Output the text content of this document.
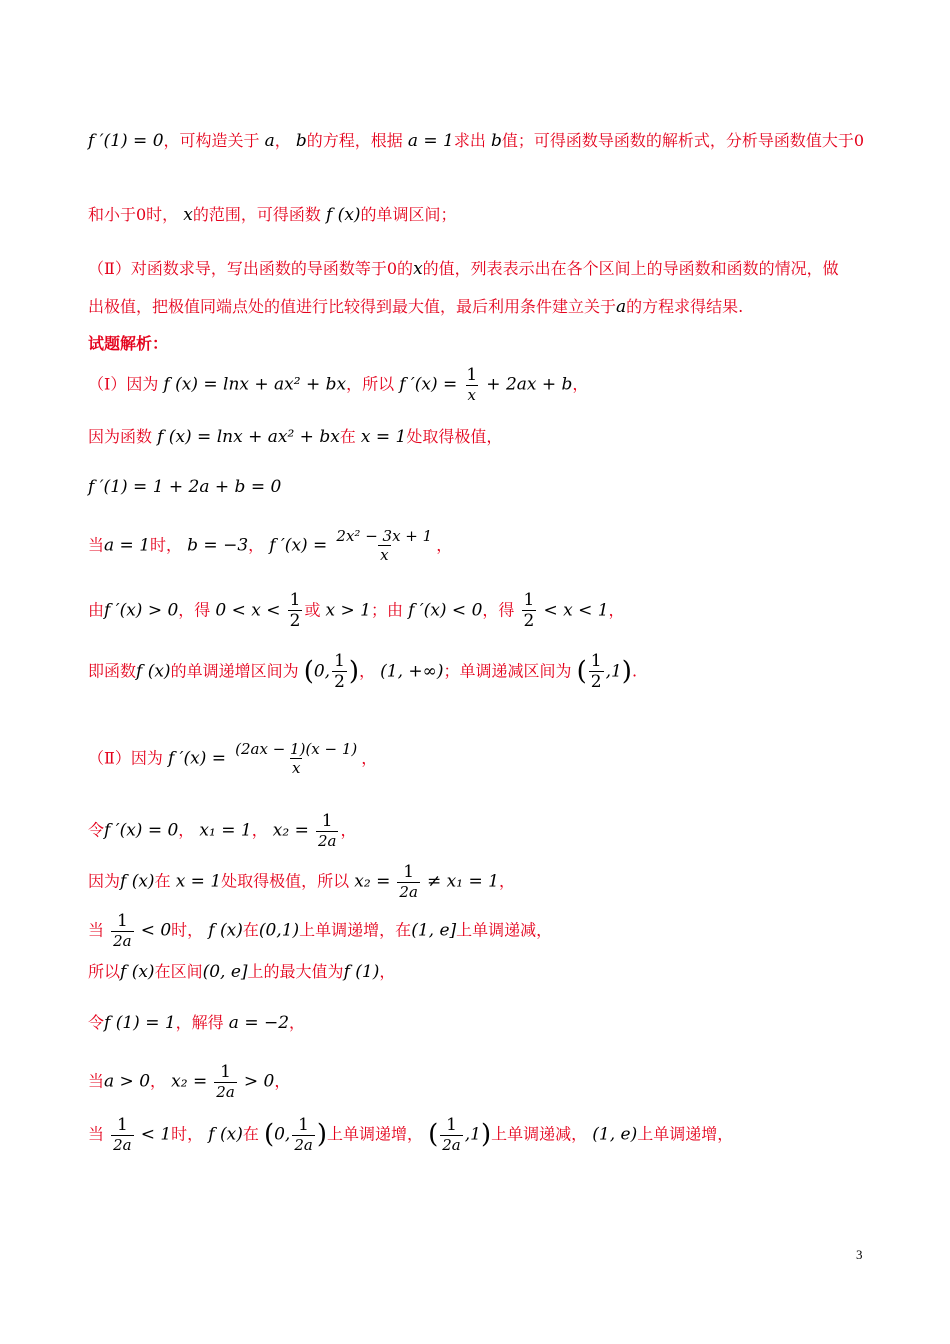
f ′(1) = 0，可构造关于 a， b的方程，根据 a = 1求出 b值；可得函数导函数的解析式，分析导函数值大于0
和小于0时， x的范围，可得函数 f (x)的单调区间；
（Ⅱ）对函数求导，写出函数的导函数等于0的x的值，列表表示出在各个区间上的导函数和函数的情况，做
出极值，把极值同端点处的值进行比较得到最大值，最后利用条件建立关于a的方程求得结果.
试题解析：
（Ⅰ）因为 f (x) = lnx + ax² + bx，所以 f $'(x) = \frac{1}{x} + 2ax + b$，
因为函数 f (x) = lnx + ax² + bx在 x = 1处取得极值，
f ′(1) = 1 + 2a + b = 0
当a = 1时， b = −3， f $'(x) = \frac{\text{2x² − 3x + 1}}{x}$ ，
由f ′(x) > 0，得 $0 < x < \frac{1}{2}$ 或 x > 1；由 f ′(x) < 0，得 $\frac{1}{2} < x < 1$，
即函数f (x)的单调递增区间为 (0, $\frac{1}{2}$ )， (1, +∞)；单调递减区间为 ( $\frac{1}{2} ,1$).
（Ⅱ）因为 f $'(x) = \frac{(2ax - 1)(x - 1)}{x}$ ，
令f ′(x) = 0， x₁ = 1， $x_2 = \frac{1}{2a}$ ，
因为f (x)在 x = 1处取得极值，所以 $x_2 = \frac{1}{2a} \ne x_1 = 1$，
当 $\frac{1}{2a} < 0$时， f (x)在(0,1)上单调递增，在(1, e]上单调递减，
所以f (x)在区间(0, e]上的最大值为f (1)，
令f (1) = 1，解得 a = −2，
当a > 0， $x_2 = \frac{1}{2a} > 0$，
当 $\frac{1}{2a} < 1$时， f (x)在 (0, $\frac{1}{2a}$ )上单调递增， ( $\frac{1}{2a} ,1$)上单调递减， (1, e)上单调递增，
3
